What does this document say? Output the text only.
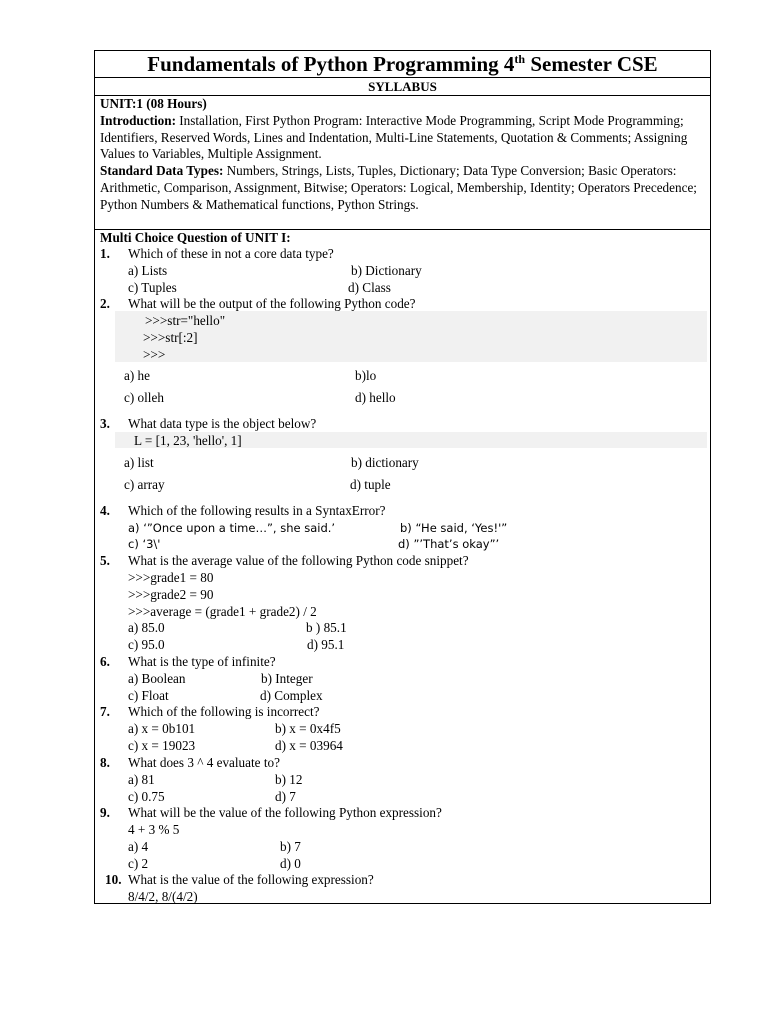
Fundamentals of Python Programming 4th Semester CSE
SYLLABUS

UNIT:1 (08 Hours)

Introduction: Installation, First Python Program: Interactive Mode Programming, Script Mode Programming; Identifiers, Reserved Words, Lines and Indentation, Multi-Line Statements, Quotation & Comments; Assigning Values to Variables, Multiple Assignment.

Standard Data Types: Numbers, Strings, Lists, Tuples, Dictionary; Data Type Conversion; Basic Operators: Arithmetic, Comparison, Assignment, Bitwise; Operators: Logical, Membership, Identity; Operators Precedence; Python Numbers & Mathematical functions, Python Strings.

Multi Choice Question of UNIT I:
1. Which of these in not a core data type?
a) Lists	b) Dictionary
c) Tuples	d) Class
2. What will be the output of the following Python code?
>>>str="hello"
>>>str[:2]
>>>
a) he	b)lo
c) olleh	d) hello
3. What data type is the object below?
L = [1, 23, 'hello', 1]
a) list	b) dictionary
c) array	d) tuple
4. Which of the following results in a SyntaxError?
a) ‘”Once upon a time…”, she said.’	b) “He said, ‘Yes!'”
c) ‘3\'	d) ”’That’s okay”’
5. What is the average value of the following Python code snippet?
>>>grade1 = 80
>>>grade2 = 90
>>>average = (grade1 + grade2) / 2
a) 85.0	b ) 85.1
c) 95.0	d) 95.1
6. What is the type of infinite?
a) Boolean	b) Integer
c) Float	d) Complex
7. Which of the following is incorrect?
a) x = 0b101	b) x = 0x4f5
c) x = 19023	d) x = 03964
8. What does 3 ^ 4 evaluate to?
a) 81	b) 12
c) 0.75	d) 7
9. What will be the value of the following Python expression?
4 + 3 % 5
a) 4	b) 7
c) 2	d) 0
10. What is the value of the following expression?
8/4/2, 8/(4/2)
